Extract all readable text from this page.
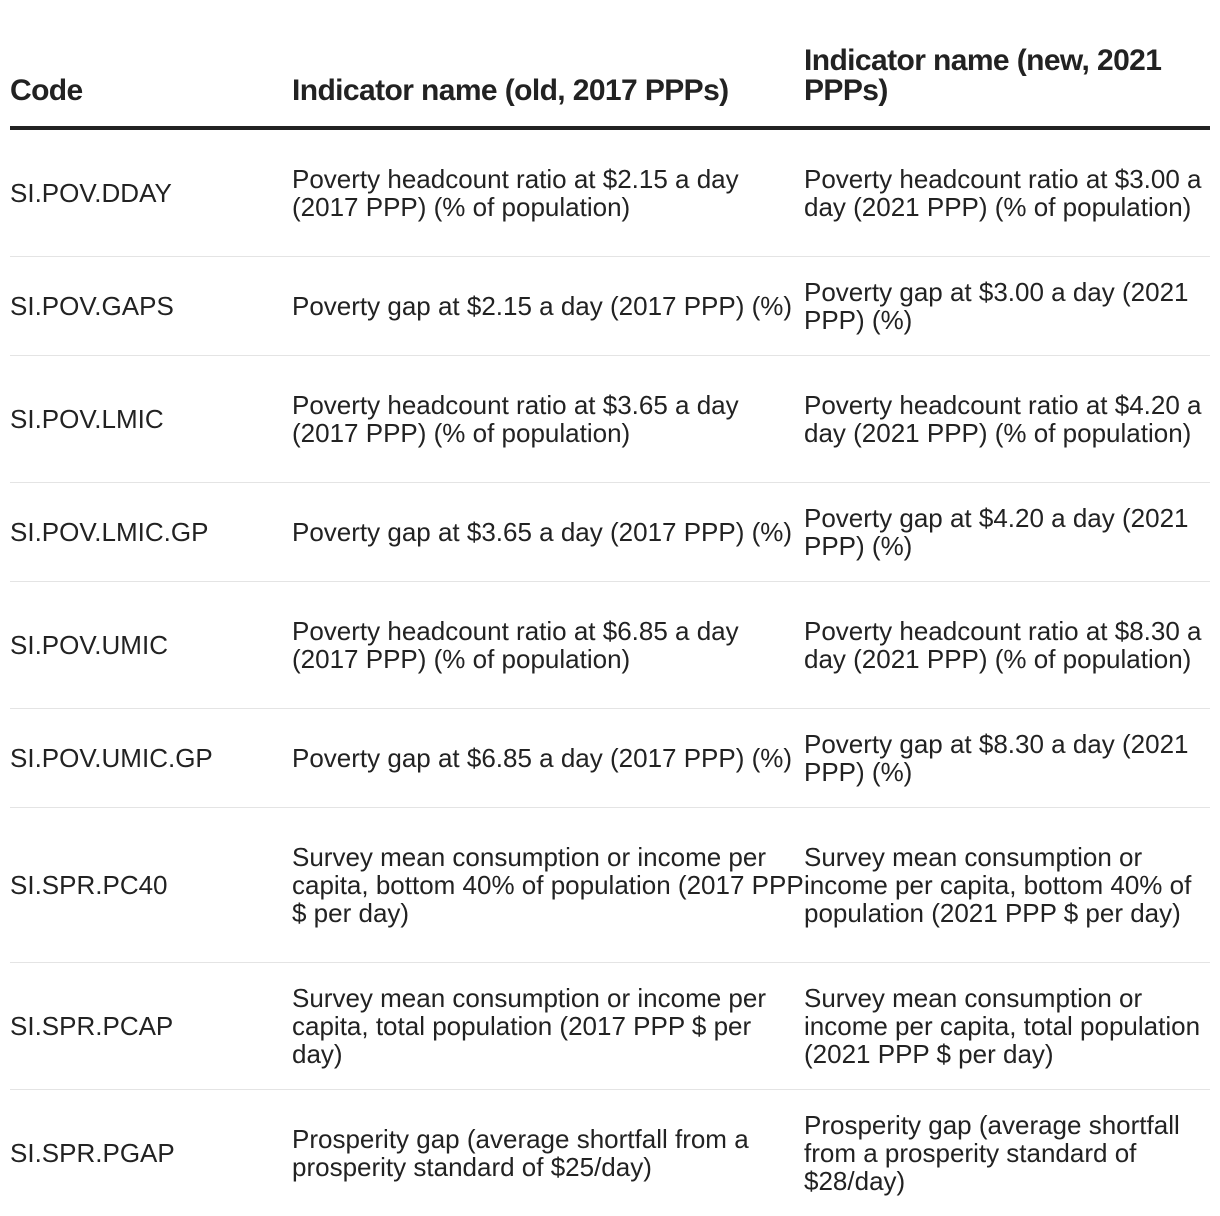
Code	Indicator name (old, 2017 PPPs)	Indicator name (new, 2021 PPPs)
SI.POV.DDAY	Poverty headcount ratio at $2.15 a day (2017 PPP) (% of population)	Poverty headcount ratio at $3.00 a day (2021 PPP) (% of population)
SI.POV.GAPS	Poverty gap at $2.15 a day (2017 PPP) (%)	Poverty gap at $3.00 a day (2021 PPP) (%)
SI.POV.LMIC	Poverty headcount ratio at $3.65 a day (2017 PPP) (% of population)	Poverty headcount ratio at $4.20 a day (2021 PPP) (% of population)
SI.POV.LMIC.GP	Poverty gap at $3.65 a day (2017 PPP) (%)	Poverty gap at $4.20 a day (2021 PPP) (%)
SI.POV.UMIC	Poverty headcount ratio at $6.85 a day (2017 PPP) (% of population)	Poverty headcount ratio at $8.30 a day (2021 PPP) (% of population)
SI.POV.UMIC.GP	Poverty gap at $6.85 a day (2017 PPP) (%)	Poverty gap at $8.30 a day (2021 PPP) (%)
SI.SPR.PC40	Survey mean consumption or income per capita, bottom 40% of population (2017 PPP $ per day)	Survey mean consumption or income per capita, bottom 40% of population (2021 PPP $ per day)
SI.SPR.PCAP	Survey mean consumption or income per capita, total population (2017 PPP $ per day)	Survey mean consumption or income per capita, total population (2021 PPP $ per day)
SI.SPR.PGAP	Prosperity gap (average shortfall from a prosperity standard of $25/day)	Prosperity gap (average shortfall from a prosperity standard of $28/day)
